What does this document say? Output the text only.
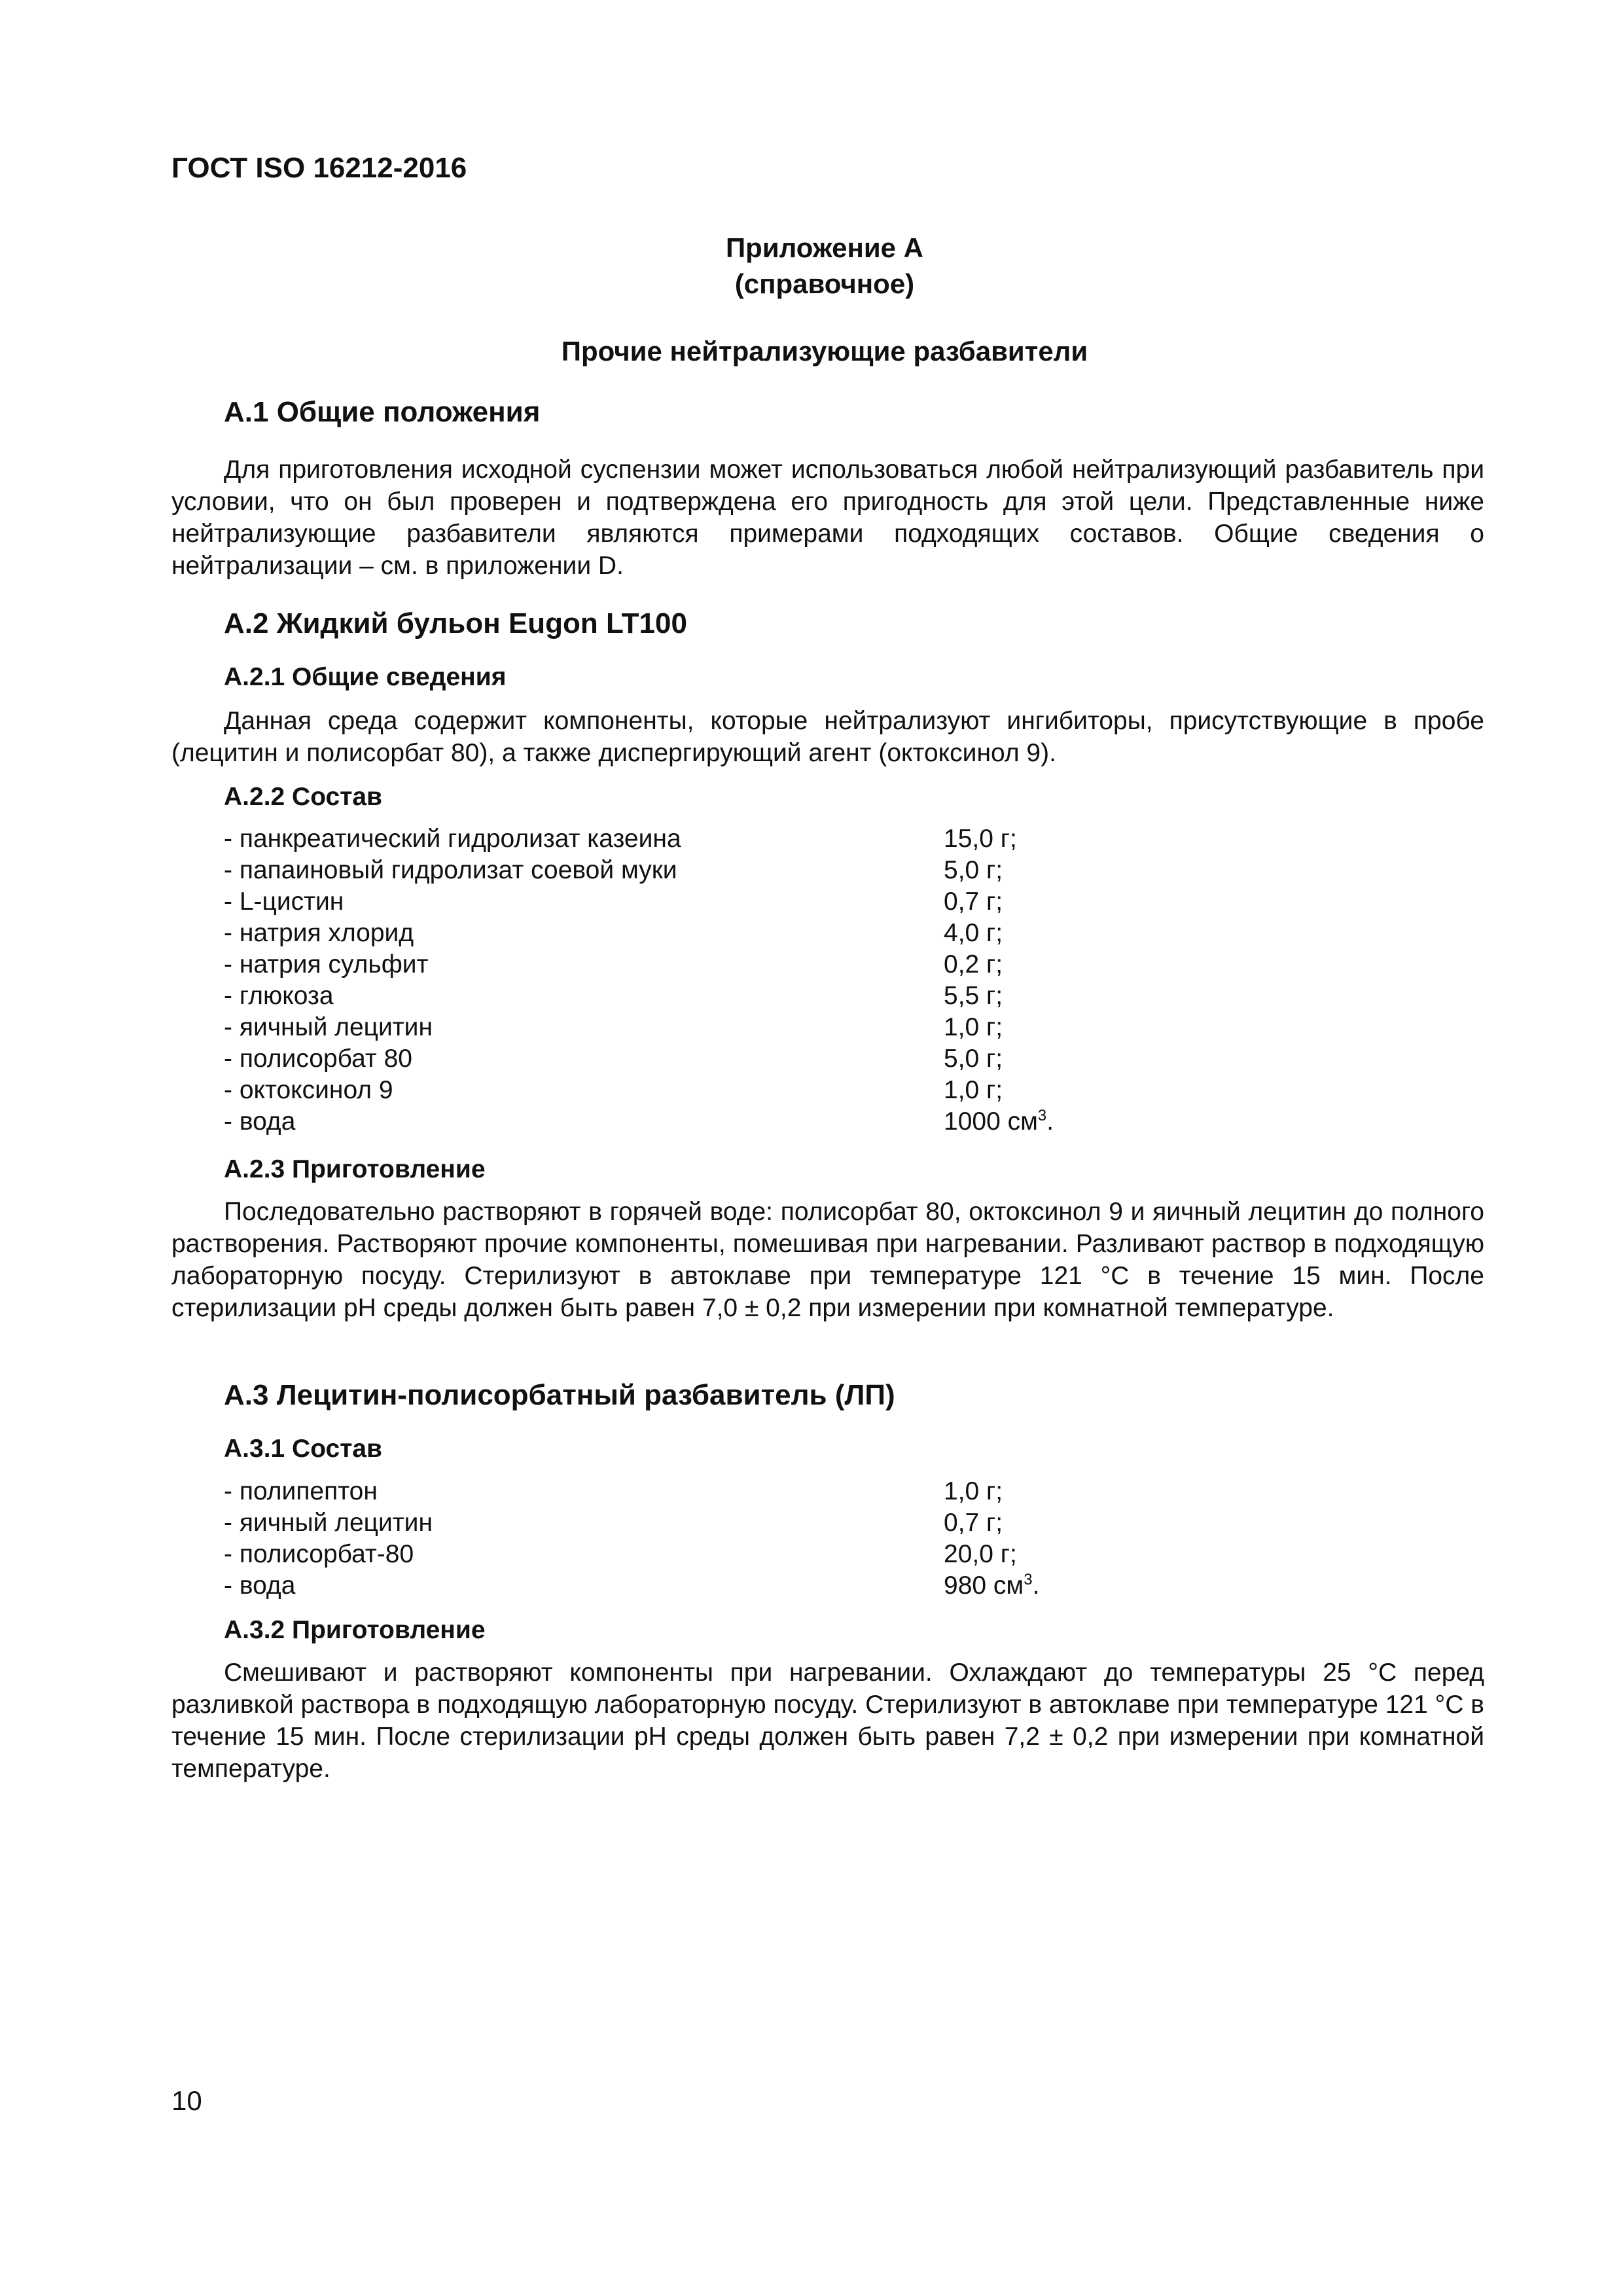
ГОСТ ISO 16212-2016
Приложение А
(справочное)
Прочие нейтрализующие разбавители
А.1 Общие положения

Для приготовления исходной суспензии может использоваться любой нейтрализующий разбавитель при условии, что он был проверен и подтверждена его пригодность для этой цели. Представленные ниже нейтрализующие разбавители являются примерами подходящих составов. Общие сведения о нейтрализации – см. в приложении D.

А.2 Жидкий бульон Eugon LT100
А.2.1 Общие сведения

Данная среда содержит компоненты, которые нейтрализуют ингибиторы, присутствующие в пробе (лецитин и полисорбат 80), а также диспергирующий агент (октоксинол 9).

А.2.2 Состав
- панкреатический гидролизат казеина	15,0 г;
- папаиновый гидролизат соевой муки	5,0 г;
- L-цистин	0,7 г;
- натрия хлорид	4,0 г;
- натрия сульфит	0,2 г;
- глюкоза	5,5 г;
- яичный лецитин	1,0 г;
- полисорбат 80	5,0 г;
- октоксинол 9	1,0 г;
- вода	1000 $см^3$.
А.2.3 Приготовление

Последовательно растворяют в горячей воде: полисорбат 80, октоксинол 9 и яичный лецитин до полного растворения. Растворяют прочие компоненты, помешивая при нагревании. Разливают раствор в подходящую лабораторную посуду. Стерилизуют в автоклаве при температуре 121 °С в течение 15 мин. После стерилизации рН среды должен быть равен 7,0 ± 0,2 при измерении при комнатной температуре.

А.3 Лецитин-полисорбатный разбавитель (ЛП)
А.3.1 Состав
- полипептон	1,0 г;
- яичный лецитин	0,7 г;
- полисорбат-80	20,0 г;
- вода	980 $см^3$.
А.3.2 Приготовление

Смешивают и растворяют компоненты при нагревании. Охлаждают до температуры 25 °С перед разливкой раствора в подходящую лабораторную посуду. Стерилизуют в автоклаве при температуре 121 °С в течение 15 мин. После стерилизации рН среды должен быть равен 7,2 ± 0,2 при измерении при комнатной температуре.

10
